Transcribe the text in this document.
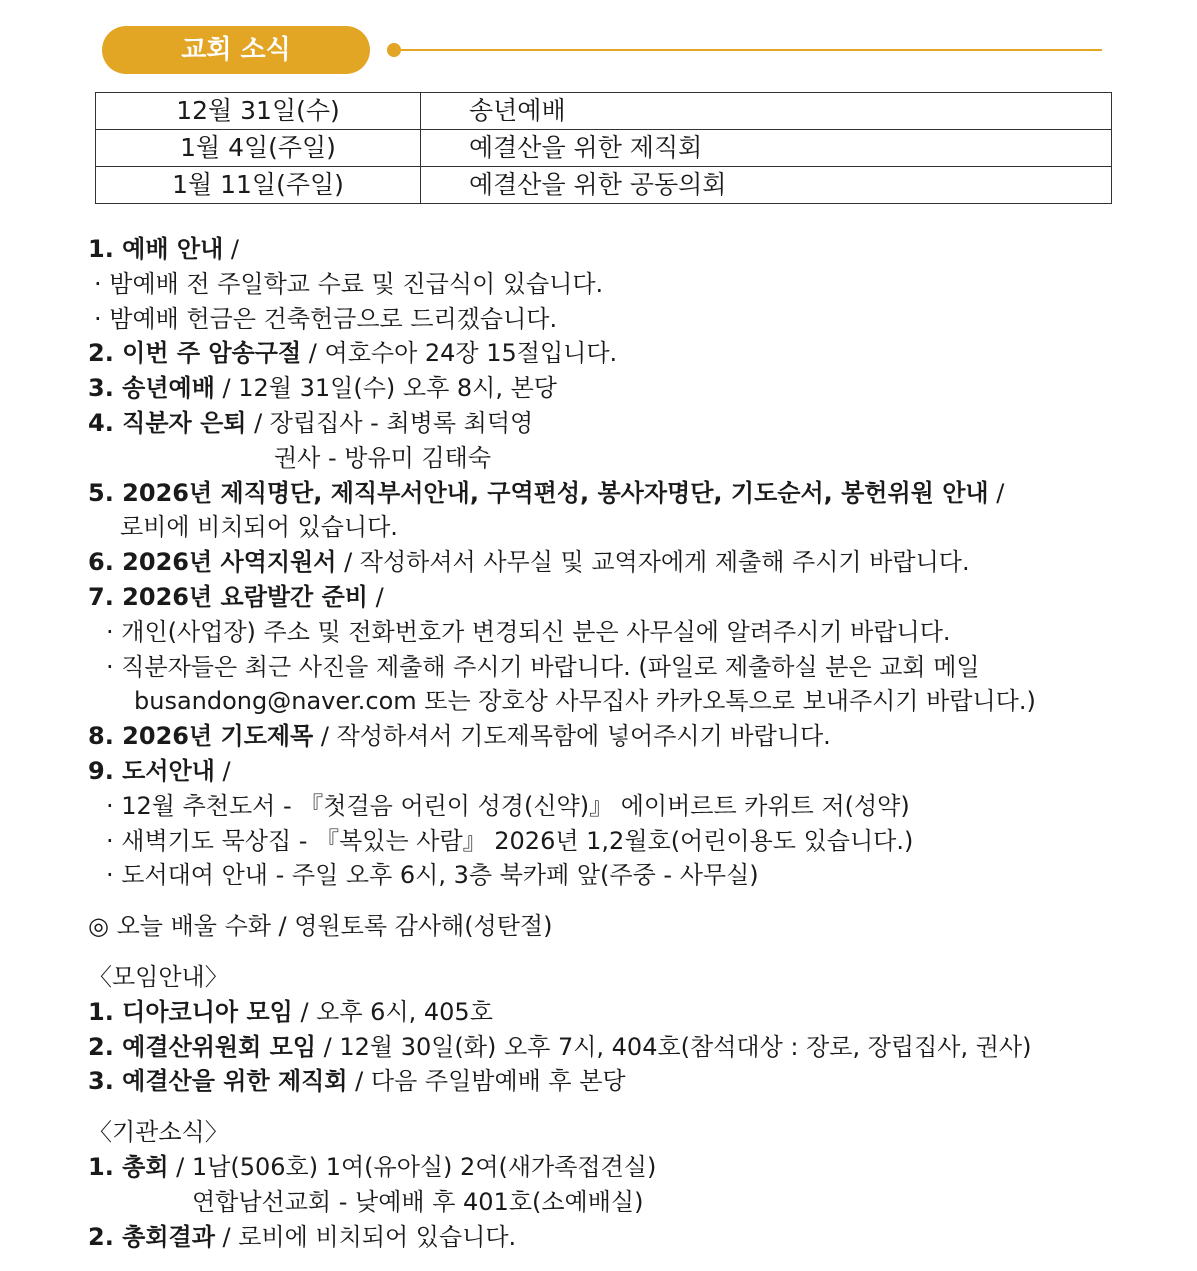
교회 소식
12월 31일(수)	송년예배
1월 4일(주일)	예결산을 위한 제직회
1월 11일(주일)	예결산을 위한 공동의회
1. 예배 안내 /
· 밤예배 전 주일학교 수료 및 진급식이 있습니다.
· 밤예배 헌금은 건축헌금으로 드리겠습니다.
2. 이번 주 암송구절 / 여호수아 24장 15절입니다.
3. 송년예배 / 12월 31일(수) 오후 8시, 본당
4. 직분자 은퇴 / 장립집사 - 최병록 최덕영
권사 - 방유미 김태숙
5. 2026년 제직명단, 제직부서안내, 구역편성, 봉사자명단, 기도순서, 봉헌위원 안내 /
로비에 비치되어 있습니다.
6. 2026년 사역지원서 / 작성하셔서 사무실 및 교역자에게 제출해 주시기 바랍니다.
7. 2026년 요람발간 준비 /
· 개인(사업장) 주소 및 전화번호가 변경되신 분은 사무실에 알려주시기 바랍니다.
· 직분자들은 최근 사진을 제출해 주시기 바랍니다. (파일로 제출하실 분은 교회 메일
busandong@naver.com 또는 장호상 사무집사 카카오톡으로 보내주시기 바랍니다.)
8. 2026년 기도제목 / 작성하셔서 기도제목함에 넣어주시기 바랍니다.
9. 도서안내 /
· 12월 추천도서 - 『첫걸음 어린이 성경(신약)』 에이버르트 카위트 저(성약)
· 새벽기도 묵상집 - 『복있는 사람』 2026년 1,2월호(어린이용도 있습니다.)
· 도서대여 안내 - 주일 오후 6시, 3층 북카페 앞(주중 - 사무실)
◎ 오늘 배울 수화 / 영원토록 감사해(성탄절)
〈모임안내〉
1. 디아코니아 모임 / 오후 6시, 405호
2. 예결산위원회 모임 / 12월 30일(화) 오후 7시, 404호(참석대상 : 장로, 장립집사, 권사)
3. 예결산을 위한 제직회 / 다음 주일밤예배 후 본당
〈기관소식〉
1. 총회 / 1남(506호) 1여(유아실) 2여(새가족접견실)
연합남선교회 - 낮예배 후 401호(소예배실)
2. 총회결과 / 로비에 비치되어 있습니다.
